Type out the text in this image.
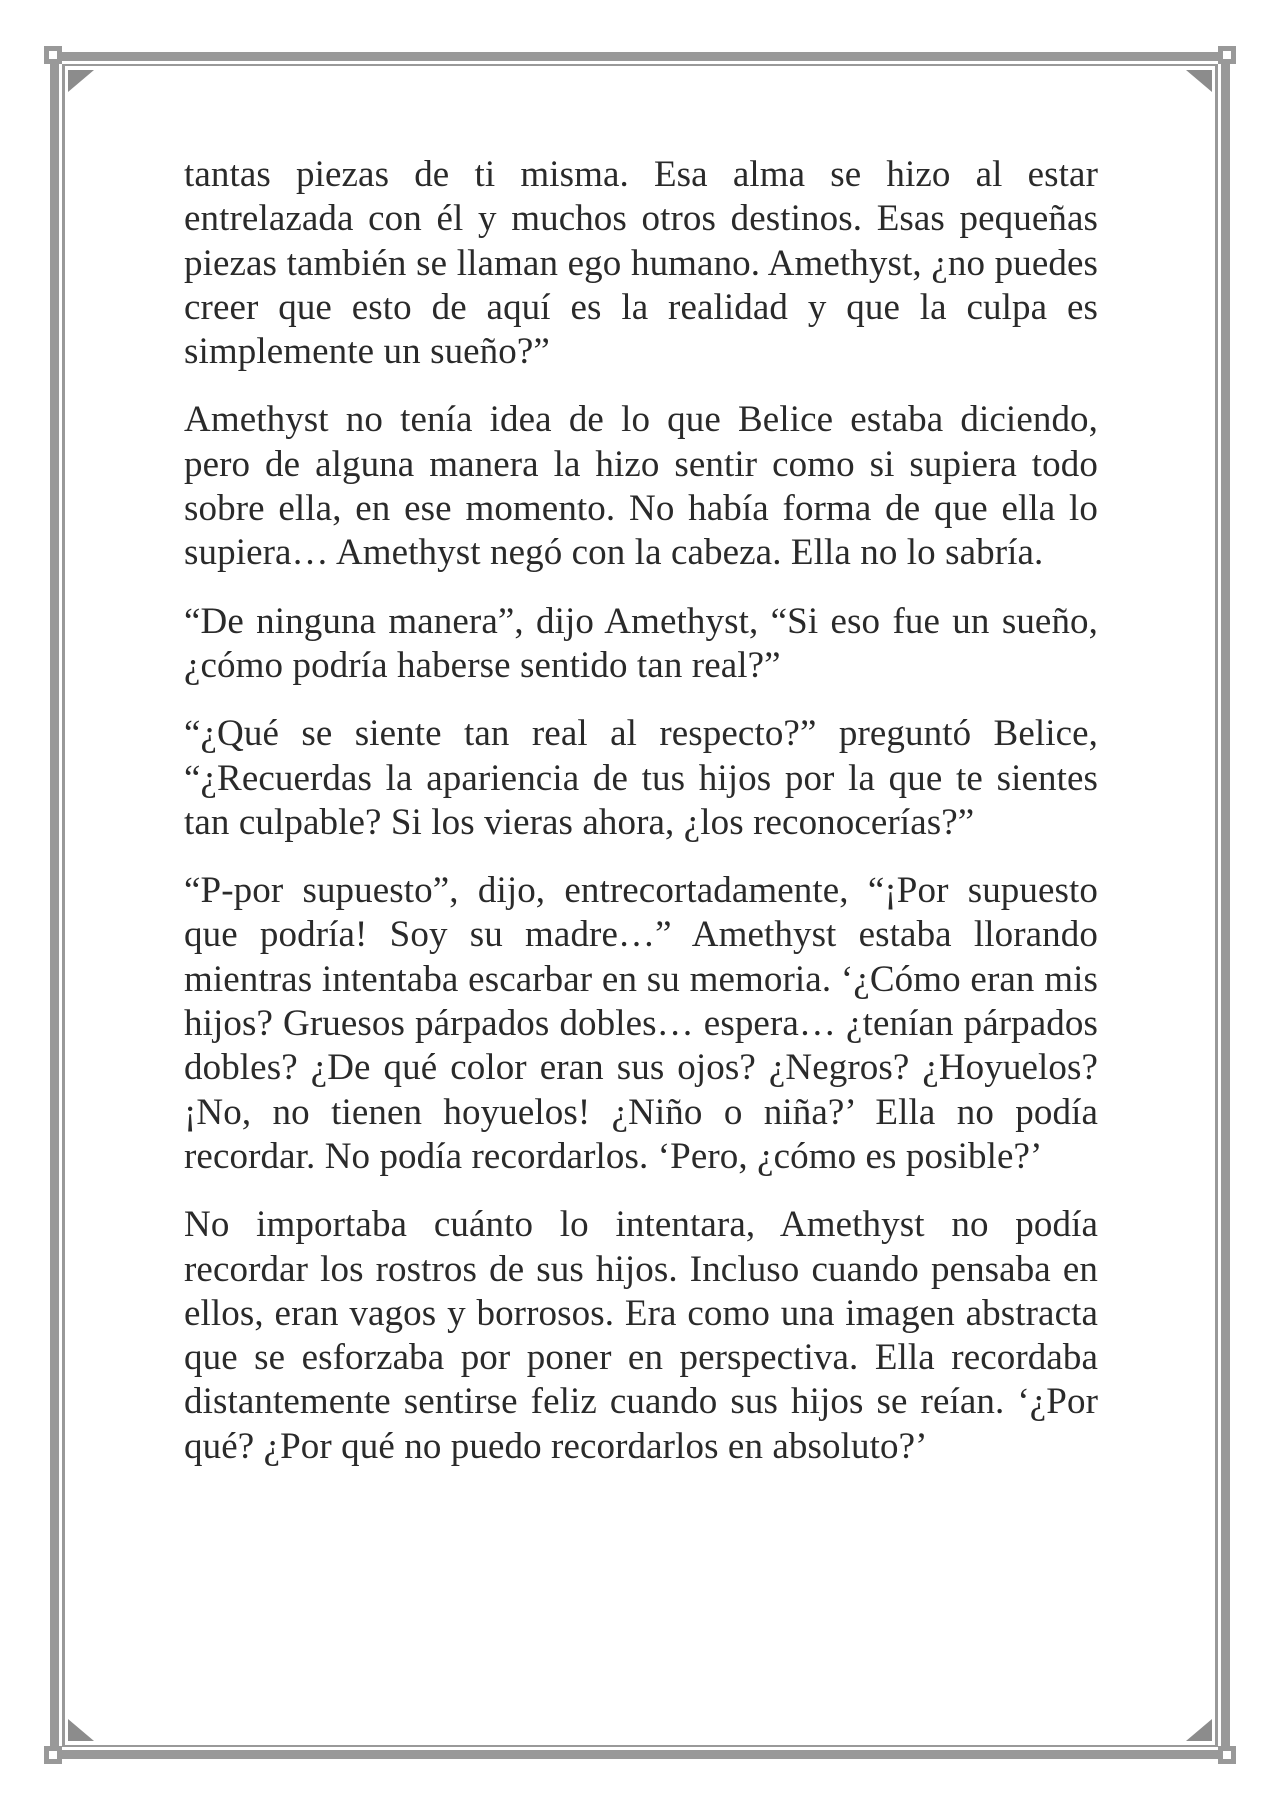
tantas piezas de ti misma. Esa alma se hizo al estar entrelazada con él y muchos otros destinos. Esas pequeñas piezas también se llaman ego humano. Amethyst, ¿no puedes creer que esto de aquí es la realidad y que la culpa es simplemente un sueño?”

Amethyst no tenía idea de lo que Belice estaba diciendo, pero de alguna manera la hizo sentir como si supiera todo sobre ella, en ese momento. No había forma de que ella lo supiera… Amethyst negó con la cabeza. Ella no lo sabría.

“De ninguna manera”, dijo Amethyst, “Si eso fue un sueño, ¿cómo podría haberse sentido tan real?”

“¿Qué se siente tan real al respecto?” preguntó Belice, “¿Recuerdas la apariencia de tus hijos por la que te sientes tan culpable? Si los vieras ahora, ¿los reconocerías?”

“P-por supuesto”, dijo, entrecortadamente, “¡Por supuesto que podría! Soy su madre…” Amethyst estaba llorando mientras intentaba escarbar en su memoria. ‘¿Cómo eran mis hijos? Gruesos párpados dobles… espera… ¿tenían párpados dobles? ¿De qué color eran sus ojos? ¿Negros? ¿Hoyuelos? ¡No, no tienen hoyuelos! ¿Niño o niña?’ Ella no podía recordar. No podía recordarlos. ‘Pero, ¿cómo es posible?’

No importaba cuánto lo intentara, Amethyst no podía recordar los rostros de sus hijos. Incluso cuando pensaba en ellos, eran vagos y borrosos. Era como una imagen abstracta que se esforzaba por poner en perspectiva. Ella recordaba distantemente sentirse feliz cuando sus hijos se reían. ‘¿Por qué? ¿Por qué no puedo recordarlos en absoluto?’
